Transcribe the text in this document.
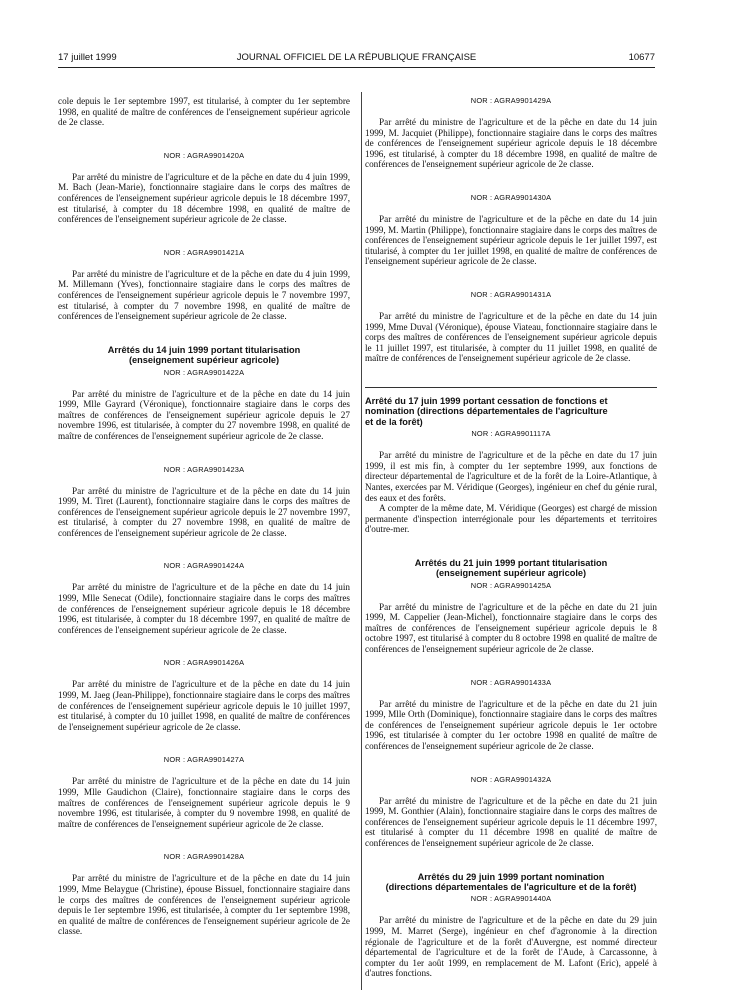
17 juillet 1999	JOURNAL OFFICIEL DE LA RÉPUBLIQUE FRANÇAISE	10677

cole depuis le 1er septembre 1997, est titularisé, à compter du 1er septembre 1998, en qualité de maître de conférences de l'enseignement supérieur agricole de 2e classe.

NOR : AGRA9901420A

Par arrêté du ministre de l'agriculture et de la pêche en date du 4 juin 1999, M. Bach (Jean-Marie), fonctionnaire stagiaire dans le corps des maîtres de conférences de l'enseignement supérieur agricole depuis le 18 décembre 1997, est titularisé, à compter du 18 décembre 1998, en qualité de maître de conférences de l'enseignement supérieur agricole de 2e classe.

NOR : AGRA9901421A

Par arrêté du ministre de l'agriculture et de la pêche en date du 4 juin 1999, M. Millemann (Yves), fonctionnaire stagiaire dans le corps des maîtres de conférences de l'enseignement supérieur agricole depuis le 7 novembre 1997, est titularisé, à compter du 7 novembre 1998, en qualité de maître de conférences de l'enseignement supérieur agricole de 2e classe.

Arrêtés du 14 juin 1999 portant titularisation

(enseignement supérieur agricole)

NOR : AGRA9901422A

Par arrêté du ministre de l'agriculture et de la pêche en date du 14 juin 1999, Mlle Gayrard (Véronique), fonctionnaire stagiaire dans le corps des maîtres de conférences de l'enseignement supérieur agricole depuis le 27 novembre 1996, est titularisée, à compter du 27 novembre 1998, en qualité de maître de conférences de l'enseignement supérieur agricole de 2e classe.

NOR : AGRA9901423A

Par arrêté du ministre de l'agriculture et de la pêche en date du 14 juin 1999, M. Tiret (Laurent), fonctionnaire stagiaire dans le corps des maîtres de conférences de l'enseignement supérieur agricole depuis le 27 novembre 1997, est titularisé, à compter du 27 novembre 1998, en qualité de maître de conférences de l'enseignement supérieur agricole de 2e classe.

NOR : AGRA9901424A

Par arrêté du ministre de l'agriculture et de la pêche en date du 14 juin 1999, Mlle Senecat (Odile), fonctionnaire stagiaire dans le corps des maîtres de conférences de l'enseignement supérieur agricole depuis le 18 décembre 1996, est titularisée, à compter du 18 décembre 1997, en qualité de maître de conférences de l'enseignement supérieur agricole de 2e classe.

NOR : AGRA9901426A

Par arrêté du ministre de l'agriculture et de la pêche en date du 14 juin 1999, M. Jaeg (Jean-Philippe), fonctionnaire stagiaire dans le corps des maîtres de conférences de l'enseignement supérieur agricole depuis le 10 juillet 1997, est titularisé, à compter du 10 juillet 1998, en qualité de maître de conférences de l'enseignement supérieur agricole de 2e classe.

NOR : AGRA9901427A

Par arrêté du ministre de l'agriculture et de la pêche en date du 14 juin 1999, Mlle Gaudichon (Claire), fonctionnaire stagiaire dans le corps des maîtres de conférences de l'enseignement supérieur agricole depuis le 9 novembre 1996, est titularisée, à compter du 9 novembre 1998, en qualité de maître de conférences de l'enseignement supérieur agricole de 2e classe.

NOR : AGRA9901428A

Par arrêté du ministre de l'agriculture et de la pêche en date du 14 juin 1999, Mme Belaygue (Christine), épouse Bissuel, fonctionnaire stagiaire dans le corps des maîtres de conférences de l'enseignement supérieur agricole depuis le 1er septembre 1996, est titularisée, à compter du 1er septembre 1998, en qualité de maître de conférences de l'enseignement supérieur agricole de 2e classe.

NOR : AGRA9901429A

Par arrêté du ministre de l'agriculture et de la pêche en date du 14 juin 1999, M. Jacquiet (Philippe), fonctionnaire stagiaire dans le corps des maîtres de conférences de l'enseignement supérieur agricole depuis le 18 décembre 1996, est titularisé, à compter du 18 décembre 1998, en qualité de maître de conférences de l'enseignement supérieur agricole de 2e classe.

NOR : AGRA9901430A

Par arrêté du ministre de l'agriculture et de la pêche en date du 14 juin 1999, M. Martin (Philippe), fonctionnaire stagiaire dans le corps des maîtres de conférences de l'enseignement supérieur agricole depuis le 1er juillet 1997, est titularisé, à compter du 1er juillet 1998, en qualité de maître de conférences de l'enseignement supérieur agricole de 2e classe.

NOR : AGRA9901431A

Par arrêté du ministre de l'agriculture et de la pêche en date du 14 juin 1999, Mme Duval (Véronique), épouse Viateau, fonctionnaire stagiaire dans le corps des maîtres de conférences de l'enseignement supérieur agricole depuis le 11 juillet 1997, est titularisée, à compter du 11 juillet 1998, en qualité de maître de conférences de l'enseignement supérieur agricole de 2e classe.

Arrêté du 17 juin 1999 portant cessation de fonctions et

nomination (directions départementales de l'agriculture

et de la forêt)

NOR : AGRA9901117A

Par arrêté du ministre de l'agriculture et de la pêche en date du 17 juin 1999, il est mis fin, à compter du 1er septembre 1999, aux fonctions de directeur départemental de l'agriculture et de la forêt de la Loire-Atlantique, à Nantes, exercées par M. Véridique (Georges), ingénieur en chef du génie rural, des eaux et des forêts.

A compter de la même date, M. Véridique (Georges) est chargé de mission permanente d'inspection interrégionale pour les départements et territoires d'outre-mer.

Arrêtés du 21 juin 1999 portant titularisation

(enseignement supérieur agricole)

NOR : AGRA9901425A

Par arrêté du ministre de l'agriculture et de la pêche en date du 21 juin 1999, M. Cappelier (Jean-Michel), fonctionnaire stagiaire dans le corps des maîtres de conférences de l'enseignement supérieur agricole depuis le 8 octobre 1997, est titularisé à compter du 8 octobre 1998 en qualité de maître de conférences de l'enseignement supérieur agricole de 2e classe.

NOR : AGRA9901433A

Par arrêté du ministre de l'agriculture et de la pêche en date du 21 juin 1999, Mlle Orth (Dominique), fonctionnaire stagiaire dans le corps des maîtres de conférences de l'enseignement supérieur agricole depuis le 1er octobre 1996, est titularisée à compter du 1er octobre 1998 en qualité de maître de conférences de l'enseignement supérieur agricole de 2e classe.

NOR : AGRA9901432A

Par arrêté du ministre de l'agriculture et de la pêche en date du 21 juin 1999, M. Gonthier (Alain), fonctionnaire stagiaire dans le corps des maîtres de conférences de l'enseignement supérieur agricole depuis le 11 décembre 1997, est titularisé à compter du 11 décembre 1998 en qualité de maître de conférences de l'enseignement supérieur agricole de 2e classe.

Arrêtés du 29 juin 1999 portant nomination

(directions départementales de l'agriculture et de la forêt)

NOR : AGRA9901440A

Par arrêté du ministre de l'agriculture et de la pêche en date du 29 juin 1999, M. Marret (Serge), ingénieur en chef d'agronomie à la direction régionale de l'agriculture et de la forêt d'Auvergne, est nommé directeur départemental de l'agriculture et de la forêt de l'Aude, à Carcassonne, à compter du 1er août 1999, en remplacement de M. Lafont (Eric), appelé à d'autres fonctions.
